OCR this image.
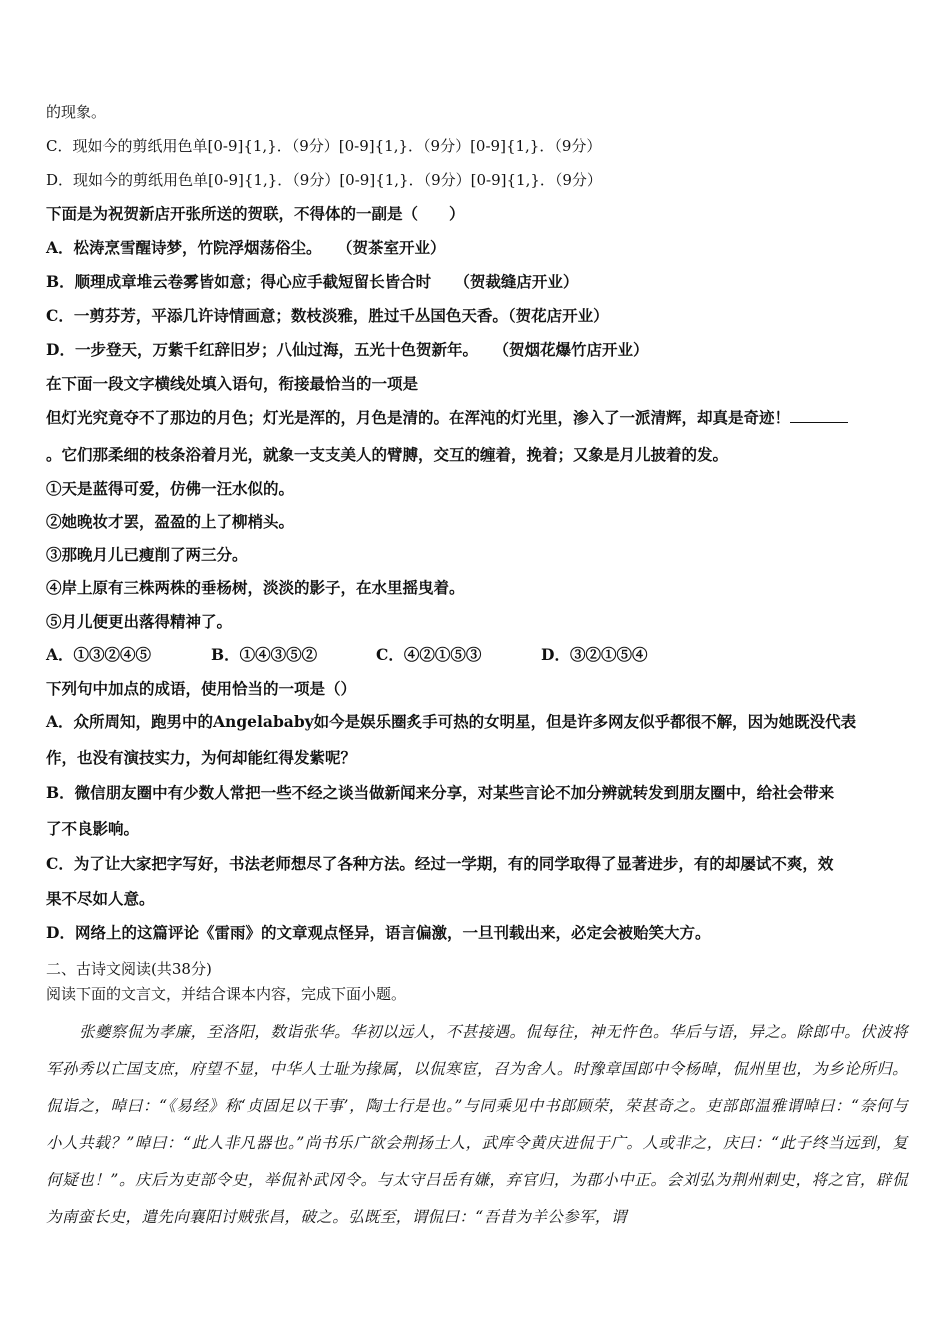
的现象。
C．现如今的剪纸用色单[0-9]{1,}．（9分）[0-9]{1,}．（9分）[0-9]{1,}．（9分）
D．现如今的剪纸用色单[0-9]{1,}．（9分）[0-9]{1,}．（9分）[0-9]{1,}．（9分）
下面是为祝贺新店开张所送的贺联，不得体的一副是（　　）
A．松涛烹雪醒诗梦，竹院浮烟荡俗尘。　　（贺茶室开业）
B．顺理成章堆云卷雾皆如意；得心应手截短留长皆合时　　（贺裁缝店开业）
C．一剪芬芳，平添几许诗情画意；数枝淡雅，胜过千丛国色天香。（贺花店开业）
D．一步登天，万紫千红辞旧岁；八仙过海，五光十色贺新年。　　（贺烟花爆竹店开业）
在下面一段文字横线处填入语句，衔接最恰当的一项是
但灯光究竟夺不了那边的月色；灯光是浑的，月色是清的。在浑沌的灯光里，渗入了一派清辉，却真是奇迹！
。它们那柔细的枝条浴着月光，就象一支支美人的臂膊，交互的缠着，挽着；又象是月儿披着的发。
①天是蓝得可爱，仿佛一汪水似的。
②她晚妆才罢，盈盈的上了柳梢头。
③那晚月儿已瘦削了两三分。
④岸上原有三株两株的垂杨树，淡淡的影子，在水里摇曳着。
⑤月儿便更出落得精神了。
A．①③②④⑤	B．①④③⑤②	C．④②①⑤③	D．③②①⑤④
下列句中加点的成语，使用恰当的一项是（）
A．众所周知，跑男中的Angelababy如今是娱乐圈炙手可热的女明星，但是许多网友似乎都很不解，因为她既没代表
作，也没有演技实力，为何却能红得发紫呢？
B．微信朋友圈中有少数人常把一些不经之谈当做新闻来分享，对某些言论不加分辨就转发到朋友圈中，给社会带来
了不良影响。
C．为了让大家把字写好，书法老师想尽了各种方法。经过一学期，有的同学取得了显著进步，有的却屡试不爽，效
果不尽如人意。
D．网络上的这篇评论《雷雨》的文章观点怪异，语言偏激，一旦刊载出来，必定会被贻笑大方。
二、古诗文阅读(共38分)
阅读下面的文言文，并结合课本内容，完成下面小题。

张夔察侃为孝廉，至洛阳，数诣张华。华初以远人，不甚接遇。侃每往，神无忤色。华后与语，异之。除郎中。伏波将军孙秀以亡国支庶，府望不显，中华人士耻为掾属，以侃寒宦，召为舍人。时豫章国郎中令杨晫，侃州里也，为乡论所归。侃诣之，晫曰：“《易经》称‘贞固足以干事’，陶士行是也。”与同乘见中书郎顾荣，荣甚奇之。吏部郎温雅谓晫曰：“奈何与小人共载？”晫曰：“此人非凡器也。”尚书乐广欲会荆扬士人，武库令黄庆进侃于广。人或非之，庆曰：“此子终当远到，复何疑也！”。庆后为吏部令史，举侃补武冈令。与太守吕岳有嫌，弃官归，为郡小中正。会刘弘为荆州刺史，将之官，辟侃为南蛮长史，遣先向襄阳讨贼张昌，破之。弘既至，谓侃曰：“吾昔为羊公参军，谓
